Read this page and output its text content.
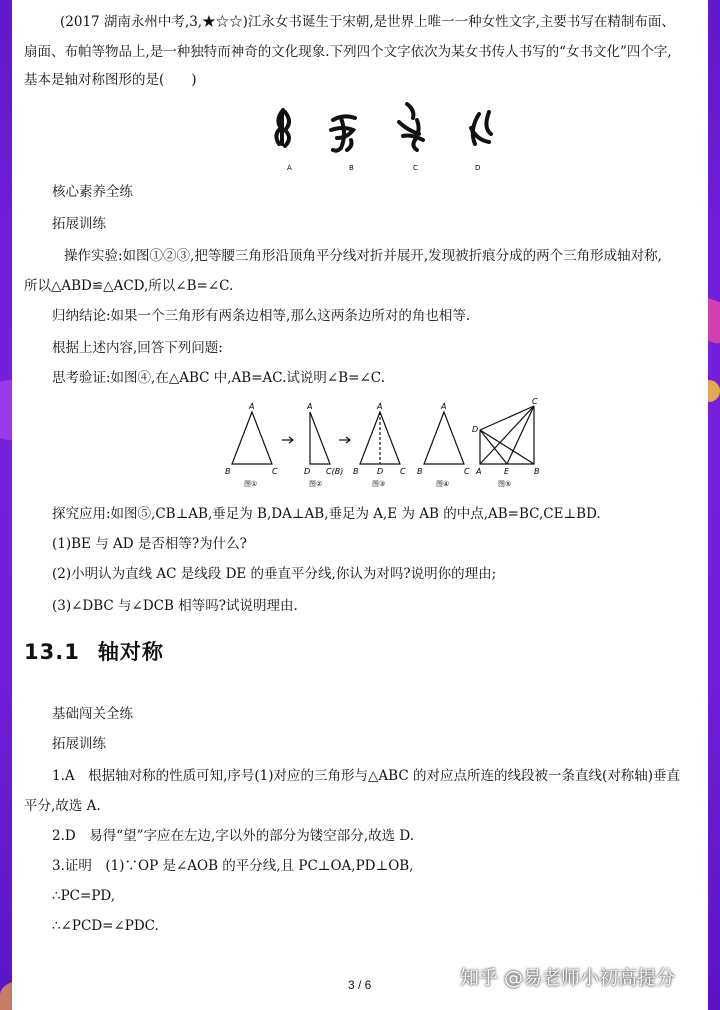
(2017 湖南永州中考,3,★☆☆)江永女书诞生于宋朝,是世界上唯一一种女性文字,主要书写在精制布面、
扇面、布帕等物品上,是一种独特而神奇的文化现象.下列四个文字依次为某女书传人书写的“女书文化”四个字,
基本是轴对称图形的是(　　)
A	B	C	D
核心素养全练
拓展训练
操作实验:如图①②③,把等腰三角形沿顶角平分线对折并展开,发现被折痕分成的两个三角形成轴对称,
所以△ABD≌△ACD,所以∠B=∠C.
归纳结论:如果一个三角形有两条边相等,那么这两条边所对的角也相等.
根据上述内容,回答下列问题:
思考验证:如图④,在△ABC 中,AB=AC.试说明∠B=∠C.
A
B	C
A
D C(B)
A
B D C
A
B	C
C
D
A	E	B
图①	图②	图③	图④	图⑤
探究应用:如图⑤,CB⊥AB,垂足为 B,DA⊥AB,垂足为 A,E 为 AB 的中点,AB=BC,CE⊥BD.
(1)BE 与 AD 是否相等?为什么?
(2)小明认为直线 AC 是线段 DE 的垂直平分线,你认为对吗?说明你的理由;
(3)∠DBC 与∠DCB 相等吗?试说明理由.
13.1 轴对称
基础闯关全练
拓展训练
1.A　根据轴对称的性质可知,序号(1)对应的三角形与△ABC 的对应点所连的线段被一条直线(对称轴)垂直
平分,故选 A.
2.D　易得“望”字应在左边,字以外的部分为镂空部分,故选 D.
3.证明　(1)∵OP 是∠AOB 的平分线,且 PC⊥OA,PD⊥OB,
∴PC=PD,
∴∠PCD=∠PDC.
3 / 6	知乎 @易老师小初高提分
